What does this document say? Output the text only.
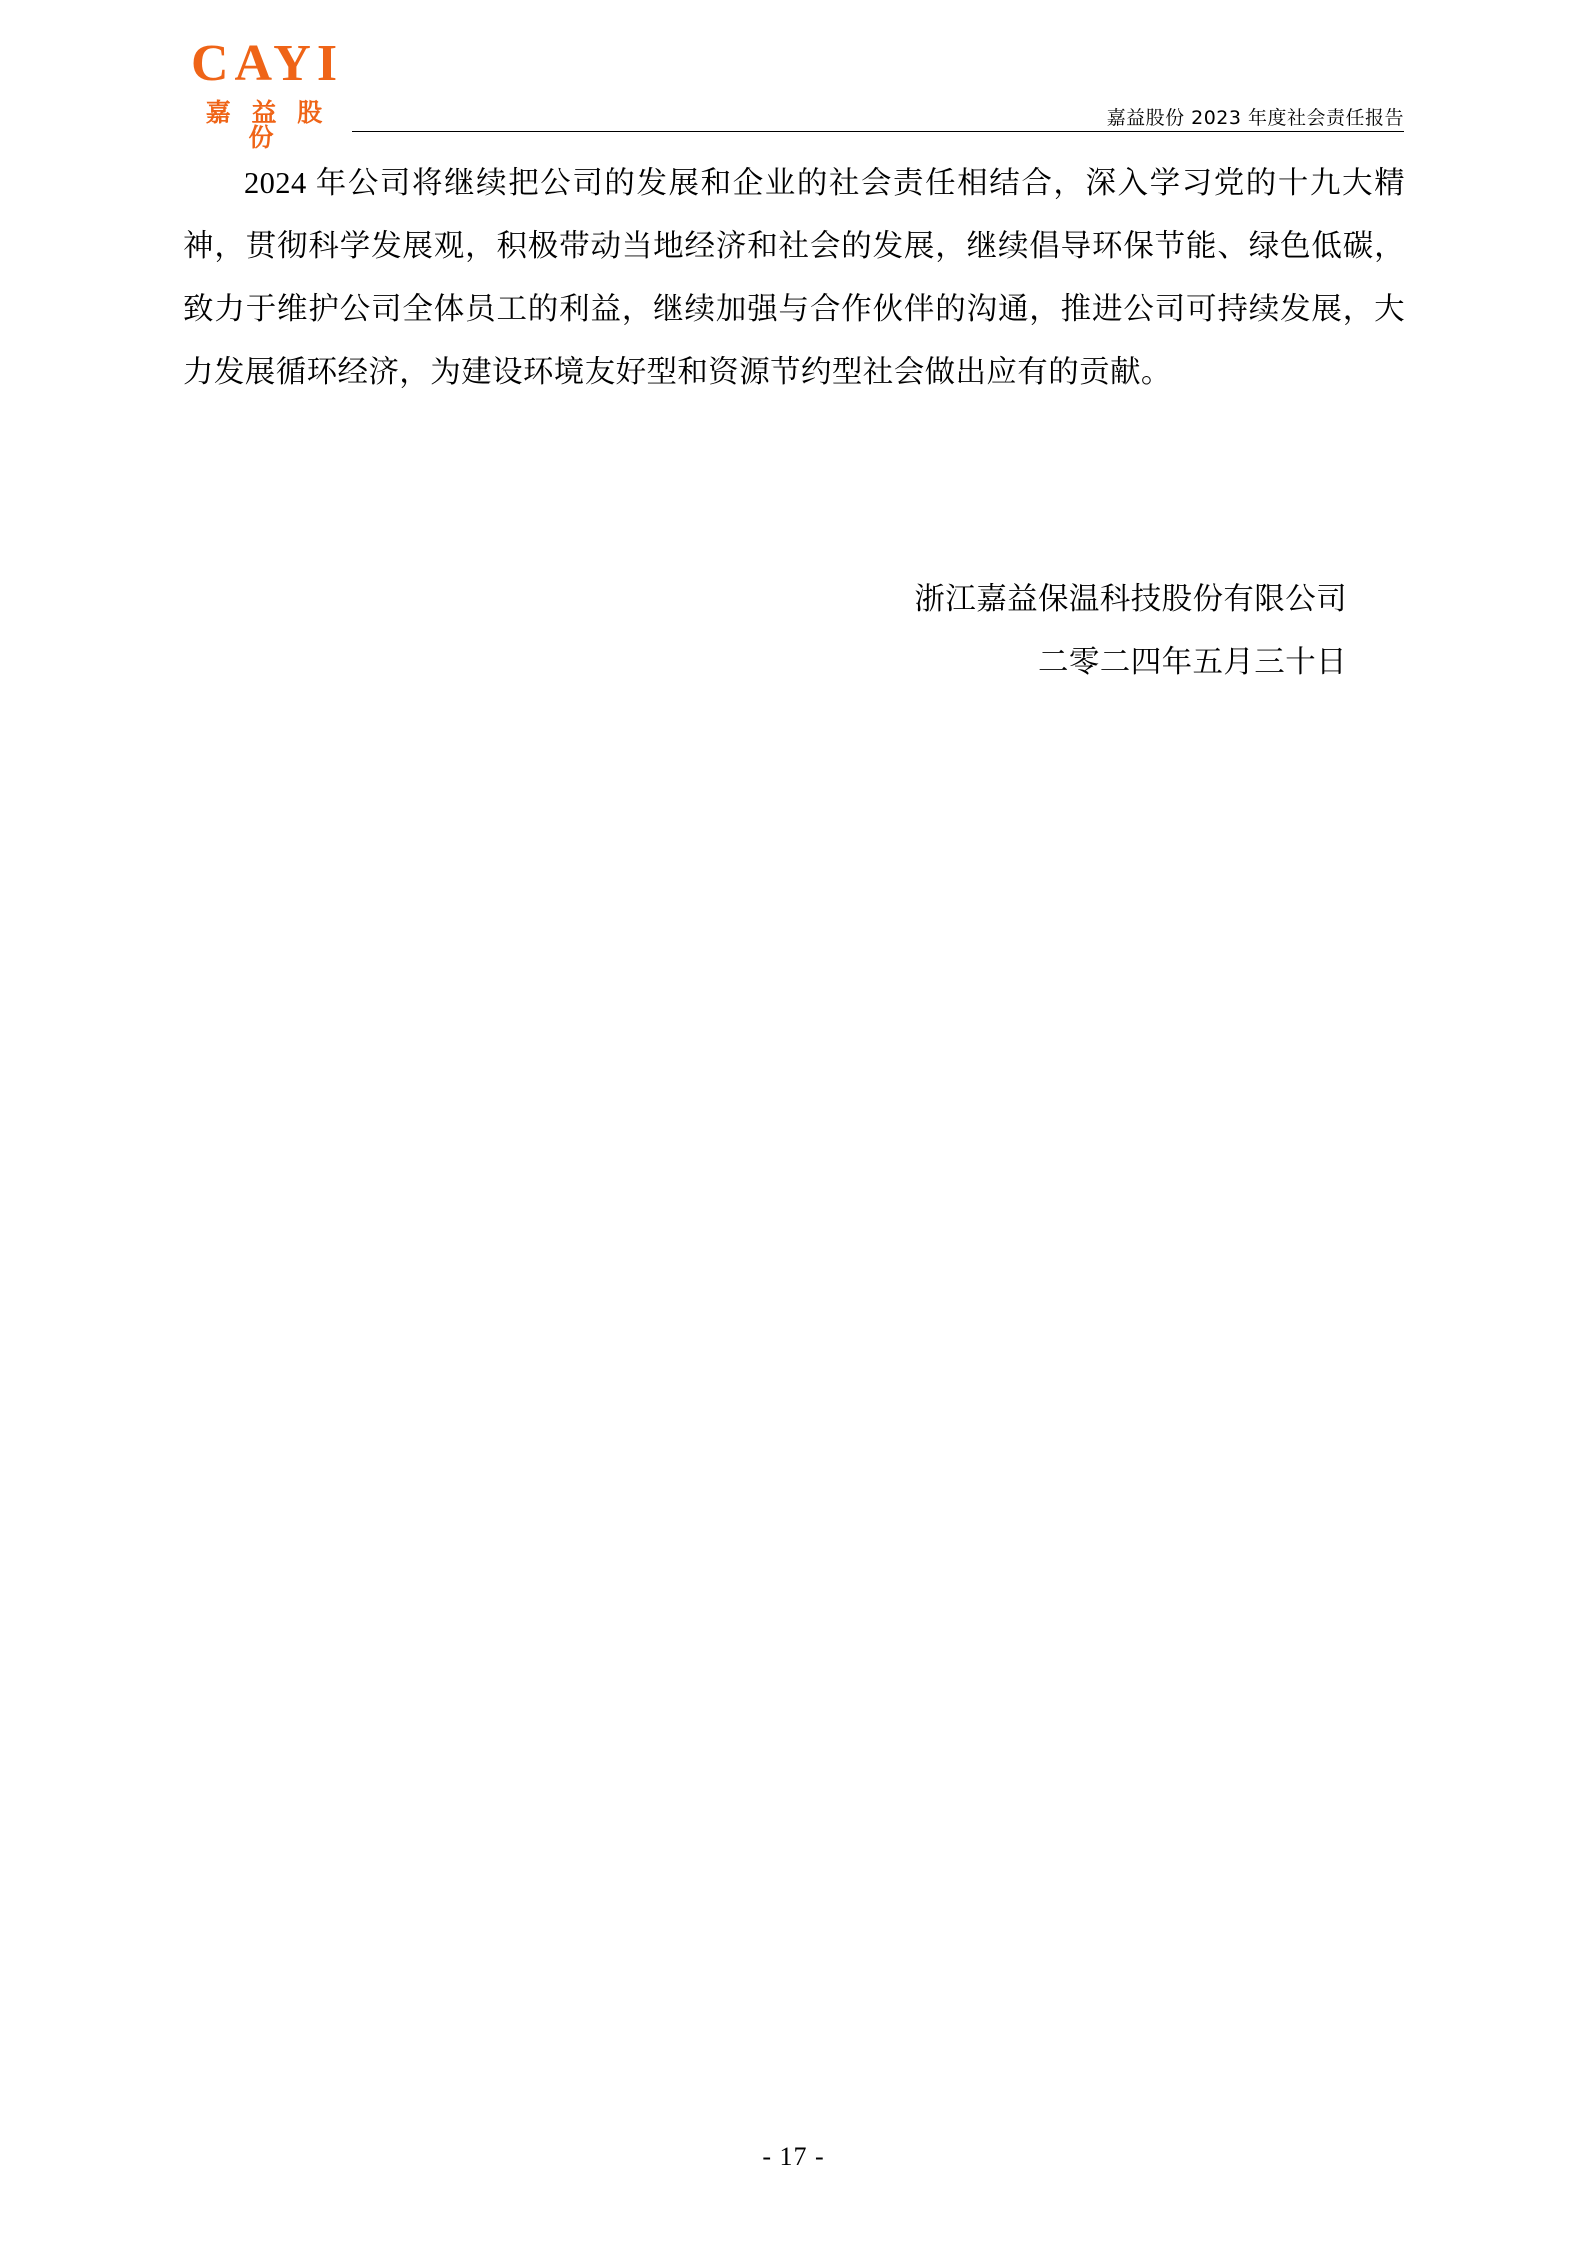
CAYI
嘉 益 股 份
嘉益股份 2023 年度社会责任报告

2024 年公司将继续把公司的发展和企业的社会责任相结合，深入学习党的十九大精神，贯彻科学发展观，积极带动当地经济和社会的发展，继续倡导环保节能、绿色低碳，致力于维护公司全体员工的利益，继续加强与合作伙伴的沟通，推进公司可持续发展，大力发展循环经济，为建设环境友好型和资源节约型社会做出应有的贡献。

浙江嘉益保温科技股份有限公司
二零二四年五月三十日
- 17 -
